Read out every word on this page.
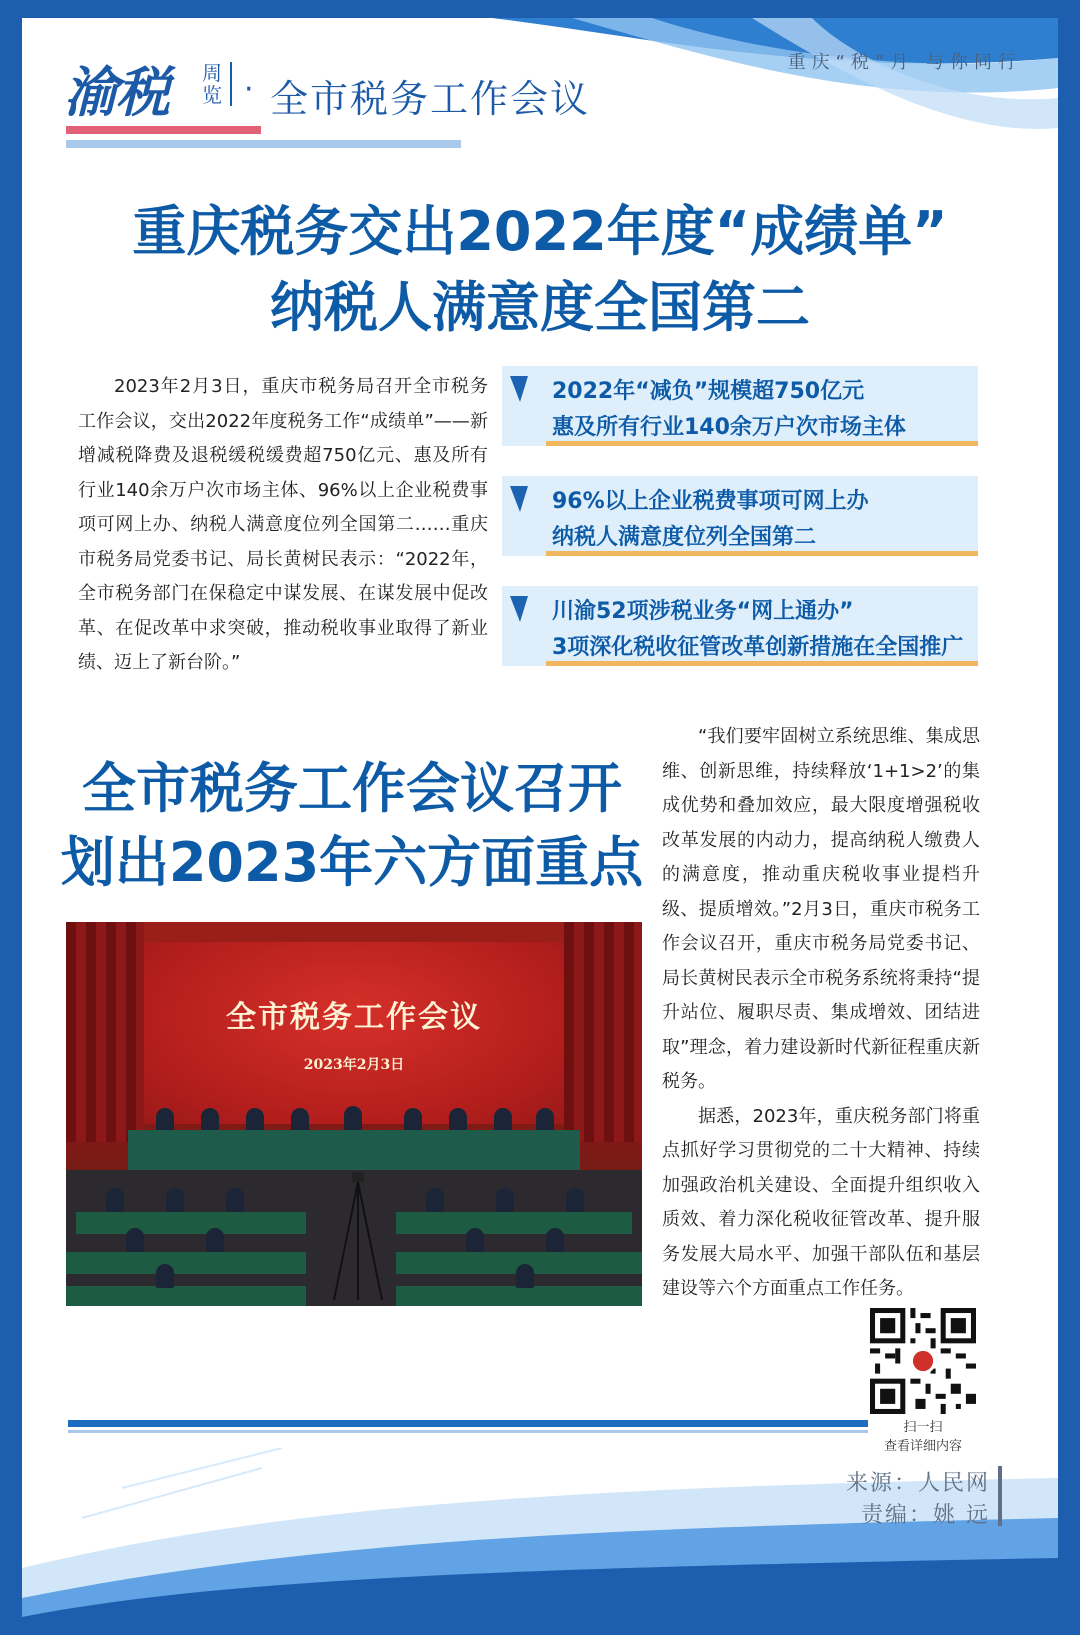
渝税 周览 · 全市税务工作会议
重庆“税”月 与你同行
重庆税务交出2022年度“成绩单”
纳税人满意度全国第二
2023年2月3日，重庆市税务局召开全市税务工作会议，交出2022年度税务工作“成绩单”——新增减税降费及退税缓税缓费超750亿元、惠及所有行业140余万户次市场主体、96%以上企业税费事项可网上办、纳税人满意度位列全国第二……重庆市税务局党委书记、局长黄树民表示：“2022年，全市税务部门在保稳定中谋发展、在谋发展中促改革、在促改革中求突破，推动税收事业取得了新业绩、迈上了新台阶。”
2022年“减负”规模超750亿元
惠及所有行业140余万户次市场主体
96%以上企业税费事项可网上办
纳税人满意度位列全国第二
川渝52项涉税业务“网上通办”
3项深化税收征管改革创新措施在全国推广
全市税务工作会议召开
划出2023年六方面重点
全市税务工作会议
2023年2月3日

“我们要牢固树立系统思维、集成思维、创新思维，持续释放‘1+1>2’的集成优势和叠加效应，最大限度增强税收改革发展的内动力，提高纳税人缴费人的满意度，推动重庆税收事业提档升级、提质增效。”2月3日，重庆市税务工作会议召开，重庆市税务局党委书记、局长黄树民表示全市税务系统将秉持“提升站位、履职尽责、集成增效、团结进取”理念，着力建设新时代新征程重庆新税务。

据悉，2023年，重庆税务部门将重点抓好学习贯彻党的二十大精神、持续加强政治机关建设、全面提升组织收入质效、着力深化税收征管改革、提升服务发展大局水平、加强干部队伍和基层建设等六个方面重点工作任务。

扫一扫
查看详细内容
来源：人民网
责编：姚 远
